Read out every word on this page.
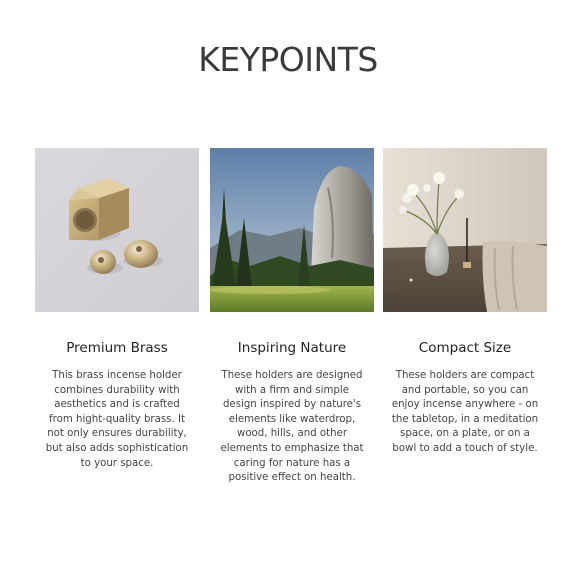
KEYPOINTS
Premium Brass

This brass incense holder combines durability with aesthetics and is crafted from hight-quality brass. It not only ensures durability, but also adds sophistication to your space.

Inspiring Nature

These holders are designed with a firm and simple design inspired by nature's elements like waterdrop, wood, hills, and other elements to emphasize that caring for nature has a positive effect on health.

Compact Size

These holders are compact and portable, so you can enjoy incense anywhere - on the tabletop, in a meditation space, on a plate, or on a bowl to add a touch of style.
